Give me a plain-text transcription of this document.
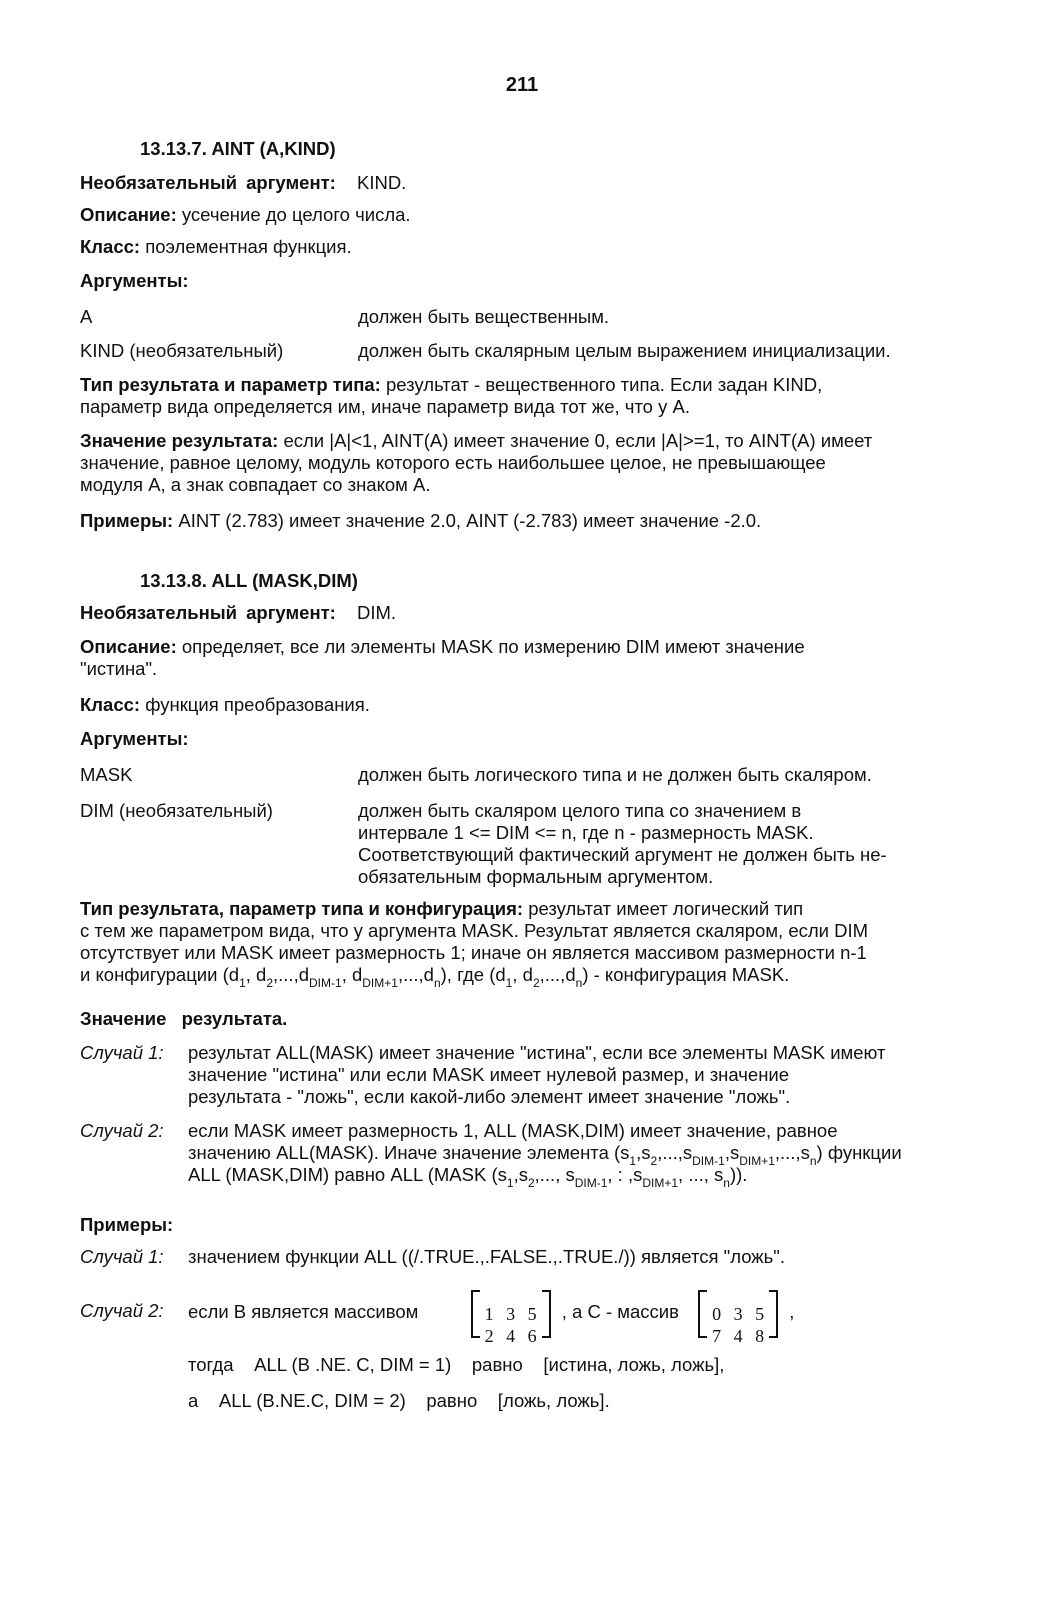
211
13.13.7. AINT (A,KIND)
Необязательный аргумент: KIND.
Описание: усечение до целого числа.
Класс: поэлементная функция.
Аргументы:
A	должен быть вещественным.
KIND (необязательный)	должен быть скалярным целым выражением инициализации.
Тип результата и параметр типа: результат - вещественного типа. Если задан KIND,
параметр вида определяется им, иначе параметр вида тот же, что у A.
Значение результата: если |A|<1, AINT(A) имеет значение 0, если |A|>=1, то AINT(A) имеет
значение, равное целому, модуль которого есть наибольшее целое, не превышающее
модуля A, а знак совпадает со знаком A.
Примеры: AINT (2.783) имеет значение 2.0, AINT (-2.783) имеет значение -2.0.
13.13.8. ALL (MASK,DIM)
Необязательный аргумент: DIM.
Описание: определяет, все ли элементы MASK по измерению DIM имеют значение
"истина".
Класс: функция преобразования.
Аргументы:
MASK	должен быть логического типа и не должен быть скаляром.
DIM (необязательный)	должен быть скаляром целого типа со значением в
интервале 1 <= DIM <= n, где n - размерность MASK.
Соответствующий фактический аргумент не должен быть не-
обязательным формальным аргументом.
Тип результата, параметр типа и конфигурация: результат имеет логический тип
с тем же параметром вида, что у аргумента MASK. Результат является скаляром, если DIM
отсутствует или MASK имеет размерность 1; иначе он является массивом размерности n-1
и конфигурации ($d_1$, $d_2,...,d_{DIM-1}$, $d_{DIM+1},...,d_n$), где ($d_1$, $d_2,...,d_n$) - конфигурация MASK.
Значение результата.
Случай 1: результат ALL(MASK) имеет значение "истина", если все элементы MASK имеют
значение "истина" или если MASK имеет нулевой размер, и значение
результата - "ложь", если какой-либо элемент имеет значение "ложь".
Случай 2: если MASK имеет размерность 1, ALL (MASK,DIM) имеет значение, равное
значению ALL(MASK). Иначе значение элемента $(s_1,s_2,...,s_{DIM-1},s_{DIM+1},...,s_n)$ функции
ALL (MASK,DIM) равно ALL (MASK ($s_1,s_2$,..., $s_{DIM-1}$, : $,s_{DIM+1}$, ..., $s_n$)).
Примеры:
Случай 1: значением функции ALL ((/.TRUE.,.FALSE.,.TRUE./)) является "ложь".
Случай 2: если B является массивом	1 3 5
2 4 6
, а C - массив 0 3 5
7 4 8
,
тогда    ALL (B .NE. C, DIM = 1)    равно    [истина, ложь, ложь],
а    ALL (B.NE.C, DIM = 2)    равно    [ложь, ложь].
